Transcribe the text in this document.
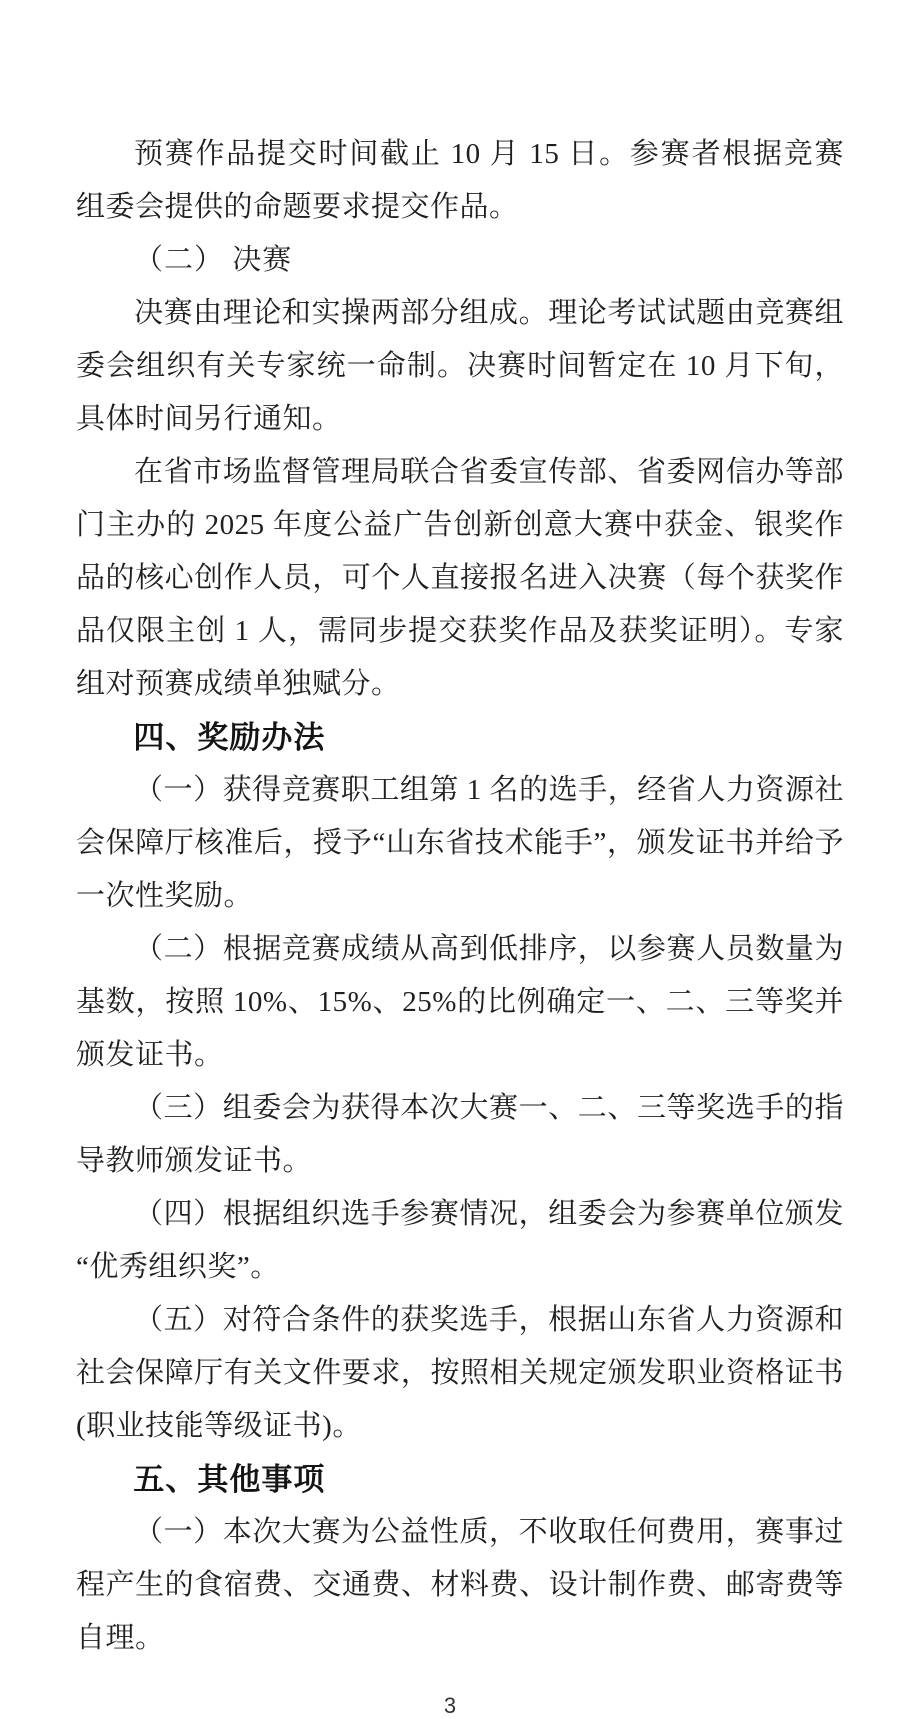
预赛作品提交时间截止 10 月 15 日。参赛者根据竞赛组委会提供的命题要求提交作品。

（二） 决赛

决赛由理论和实操两部分组成。理论考试试题由竞赛组委会组织有关专家统一命制。决赛时间暂定在 10 月下旬，具体时间另行通知。

在省市场监督管理局联合省委宣传部、省委网信办等部门主办的 2025 年度公益广告创新创意大赛中获金、银奖作品的核心创作人员，可个人直接报名进入决赛（每个获奖作品仅限主创 1 人，需同步提交获奖作品及获奖证明）。专家组对预赛成绩单独赋分。

四、奖励办法

（一）获得竞赛职工组第 1 名的选手，经省人力资源社会保障厅核准后，授予“山东省技术能手”，颁发证书并给予一次性奖励。

（二）根据竞赛成绩从高到低排序，以参赛人员数量为基数，按照 10%、15%、25%的比例确定一、二、三等奖并颁发证书。

（三）组委会为获得本次大赛一、二、三等奖选手的指导教师颁发证书。

（四）根据组织选手参赛情况，组委会为参赛单位颁发“优秀组织奖”。

（五）对符合条件的获奖选手，根据山东省人力资源和社会保障厅有关文件要求，按照相关规定颁发职业资格证书(职业技能等级证书)。

五、其他事项

（一）本次大赛为公益性质，不收取任何费用，赛事过程产生的食宿费、交通费、材料费、设计制作费、邮寄费等自理。

3
